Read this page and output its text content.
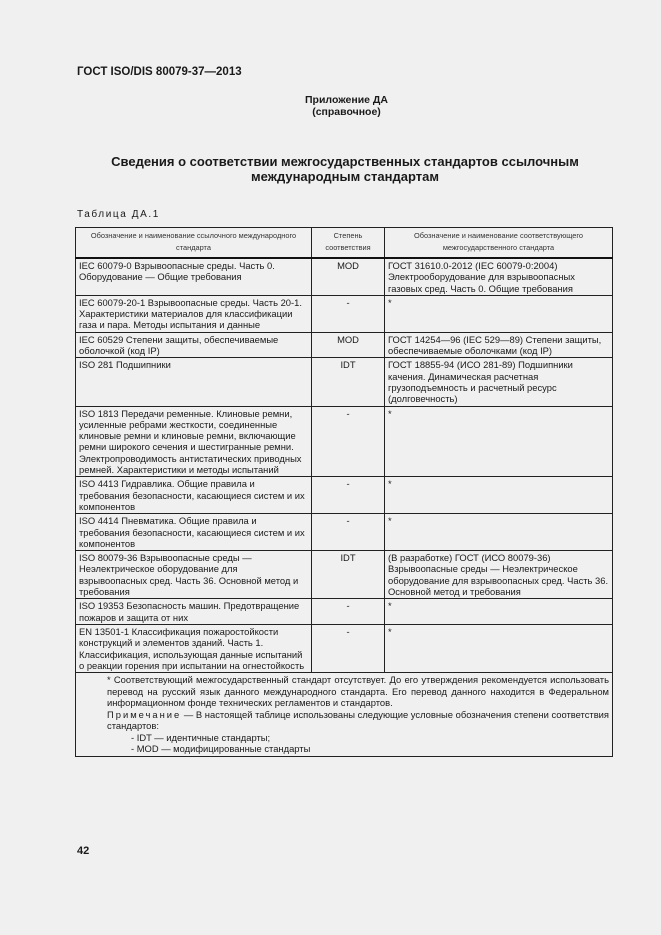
ГОСТ ISO/DIS 80079-37—2013
Приложение ДА
(справочное)
Сведения о соответствии межгосударственных стандартов ссылочным
международным стандартам
Таблица ДА.1
Обозначение и наименование ссылочного международного стандарта	Степень соответствия	Обозначение и наименование соответствующего межгосударственного стандарта
IEC 60079-0 Взрывоопасные среды. Часть 0. Оборудование — Общие требования	MOD	ГОСТ 31610.0-2012 (IEC 60079-0:2004) Электрооборудование для взрывоопасных газовых сред. Часть 0. Общие требования
IEC 60079-20-1 Взрывоопасные среды. Часть 20-1. Характеристики материалов для классификации газа и пара. Методы испытания и данные	-	*
IEC 60529 Степени защиты, обеспечиваемые оболочкой (код IP)	MOD	ГОСТ 14254—96 (IEC 529—89) Степени защиты, обеспечиваемые оболочками (код IP)
ISO 281 Подшипники	IDT	ГОСТ 18855-94 (ИСО 281-89) Подшипники качения. Динамическая расчетная грузоподъемность и расчетный ресурс (долговечность)
ISO 1813 Передачи ременные. Клиновые ремни, усиленные ребрами жесткости, соединенные клиновые ремни и клиновые ремни, включающие ремни широкого сечения и шестигранные ремни. Электропроводимость антистатических приводных ремней. Характеристики и методы испытаний	-	*
ISO 4413 Гидравлика. Общие правила и требования безопасности, касающиеся систем и их компонентов	-	*
ISO 4414 Пневматика. Общие правила и требования безопасности, касающиеся систем и их компонентов	-	*
ISO 80079-36 Взрывоопасные среды — Неэлектрическое оборудование для взрывоопасных сред. Часть 36. Основной метод и требования	IDT	(В разработке) ГОСТ (ИСО 80079-36) Взрывоопасные среды — Неэлектрическое оборудование для взрывоопасных сред. Часть 36. Основной метод и требования
ISO 19353 Безопасность машин. Предотвращение пожаров и защита от них	-	*
EN 13501-1 Классификация пожаростойкости конструкций и элементов зданий. Часть 1. Классификация, использующая данные испытаний о реакции горения при испытании на огнестойкость	-	*

* Соответствующий межгосударственный стандарт отсутствует. До его утверждения рекомендуется использовать перевод на русский язык данного международного стандарта. Его перевод данного находится в Федеральном информационном фонде технических регламентов и стандартов.
Примечание — В настоящей таблице использованы следующие условные обозначения степени соответствия стандартов:
- IDT — идентичные стандарты;
- MOD — модифицированные стандарты		
42
